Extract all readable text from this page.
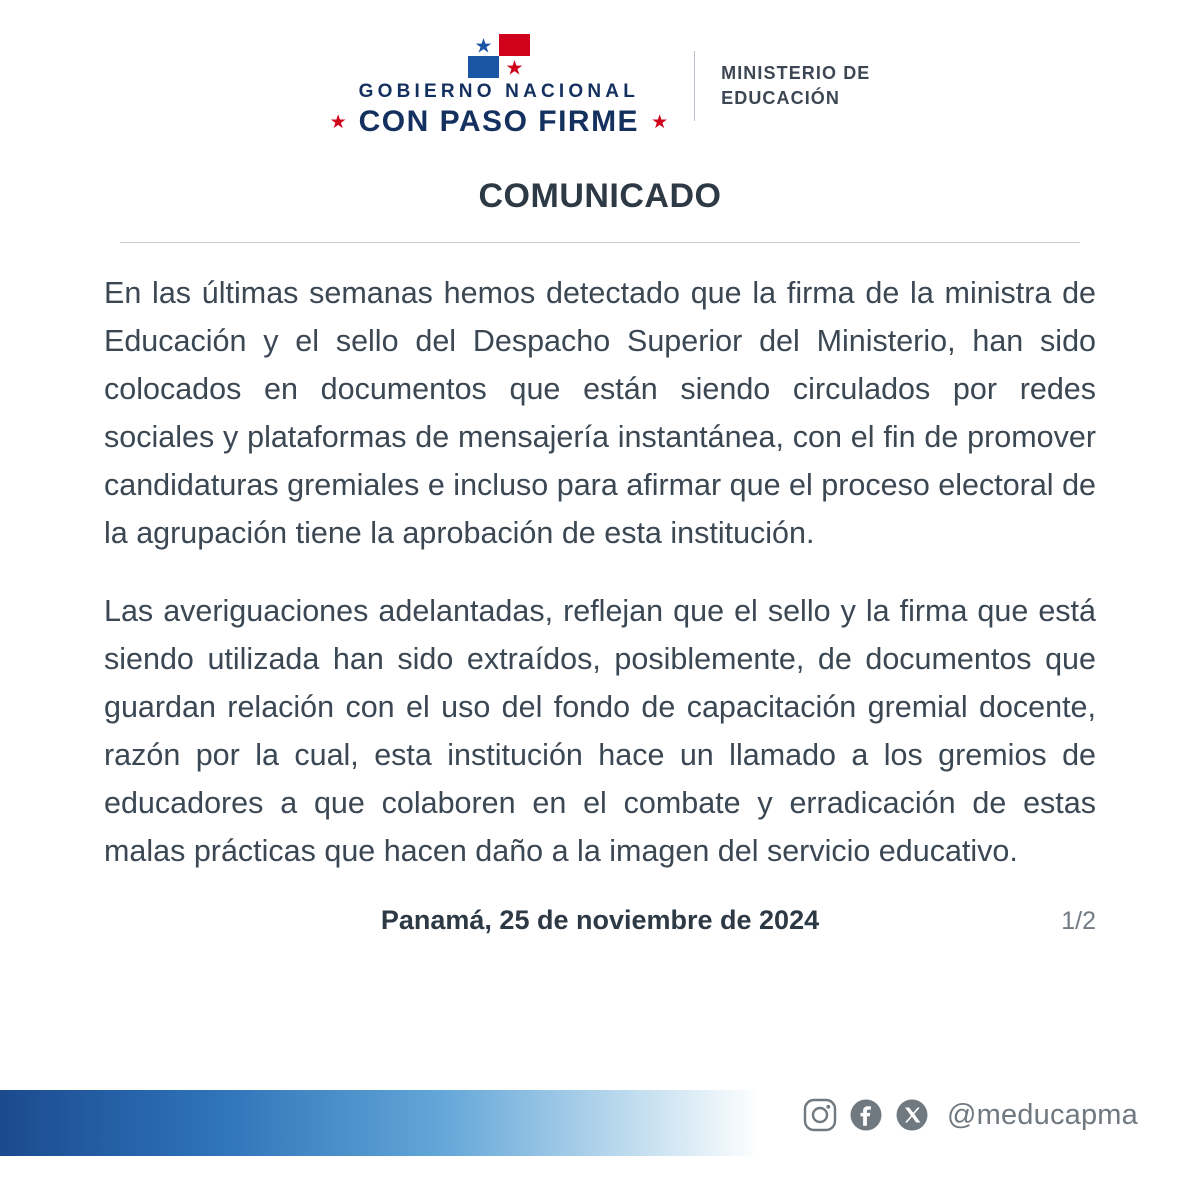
GOBIERNO NACIONAL
★ CON PASO FIRME ★
MINISTERIO DE
EDUCACIÓN
COMUNICADO

En las últimas semanas hemos detectado que la firma de la ministra de Educación y el sello del Despacho Superior del Ministerio, han sido colocados en documentos que están siendo circulados por redes sociales y plataformas de mensajería instantánea, con el fin de promover candidaturas gremiales e incluso para afirmar que el proceso electoral de la agrupación tiene la aprobación de esta institución.

Las averiguaciones adelantadas, reflejan que el sello y la firma que está siendo utilizada han sido extraídos, posiblemente, de documentos que guardan relación con el uso del fondo de capacitación gremial docente, razón por la cual, esta institución hace un llamado a los gremios de educadores a que colaboren en el combate y erradicación de estas malas prácticas que hacen daño a la imagen del servicio educativo.

Panamá, 25 de noviembre de 2024	1/2
@meducapma
